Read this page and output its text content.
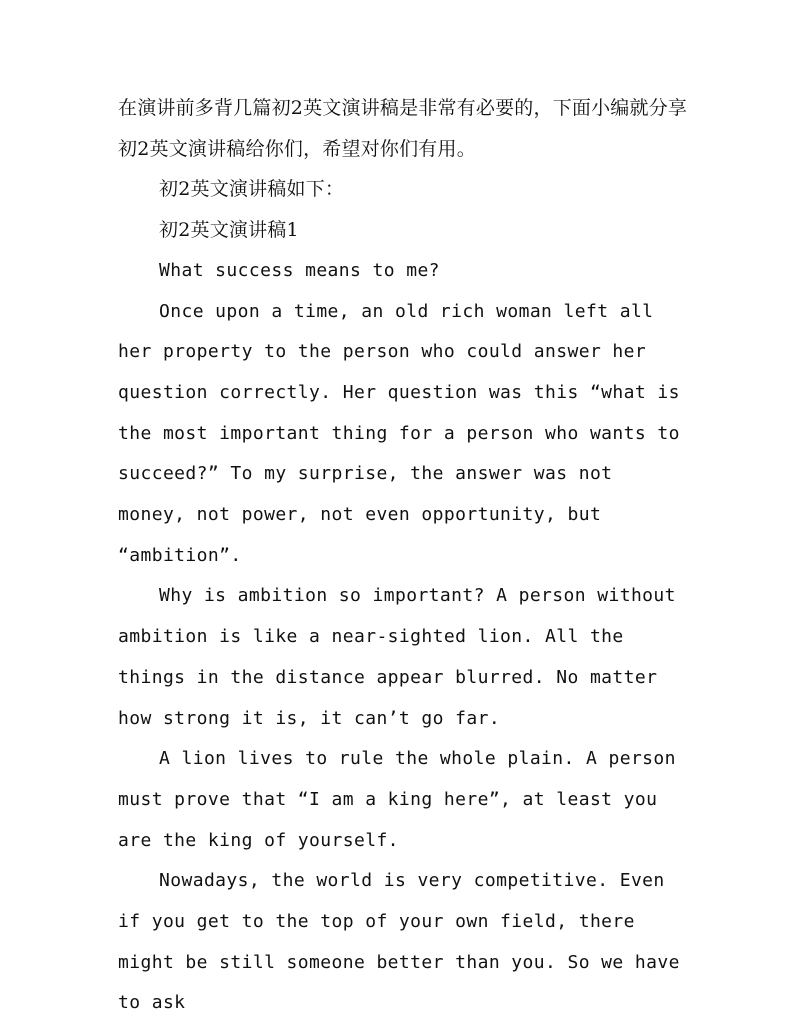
在演讲前多背几篇初2英文演讲稿是非常有必要的，下面小编就分享初2英文演讲稿给你们，希望对你们有用。

初2英文演讲稿如下：

初2英文演讲稿1

What success means to me?

Once upon a time, an old rich woman left all her property to the person who could answer her question correctly. Her question was this “what is the most important thing for a person who wants to succeed?” To my surprise, the answer was not money, not power, not even opportunity, but “ambition”.

Why is ambition so important? A person without ambition is like a near-sighted lion. All the things in the distance appear blurred. No matter how strong it is, it can’t go far.

A lion lives to rule the whole plain. A person must prove that “I am a king here”, at least you are the king of yourself.

Nowadays, the world is very competitive. Even if you get to the top of your own field, there might be still someone better than you. So we have to ask
